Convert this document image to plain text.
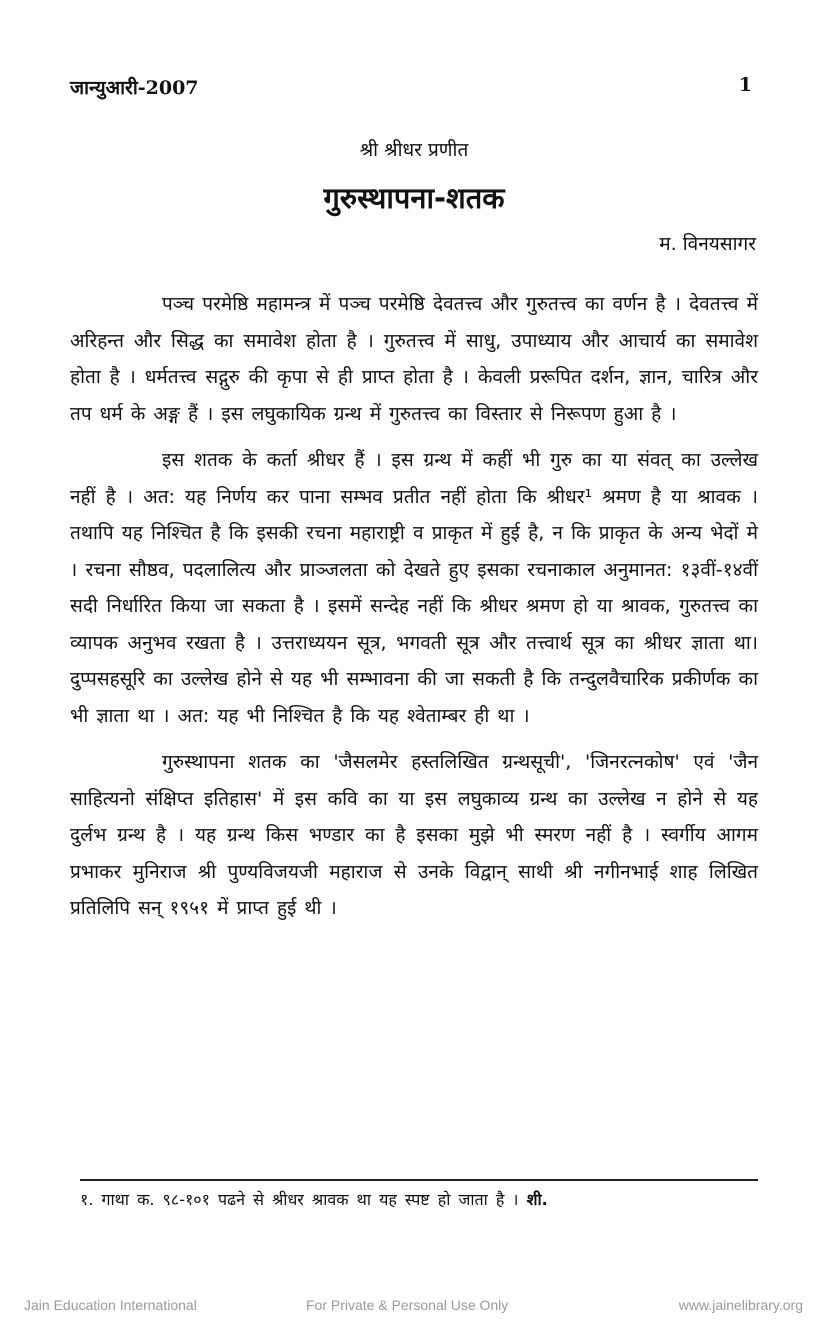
जान्युआरी-2007	1
श्री श्रीधर प्रणीत
गुरुस्थापना-शतक
म. विनयसागर

पञ्च परमेष्ठि महामन्त्र में पञ्च परमेष्ठि देवतत्त्व और गुरुतत्त्व का वर्णन है । देवतत्त्व में अरिहन्त और सिद्ध का समावेश होता है । गुरुतत्त्व में साधु, उपाध्याय और आचार्य का समावेश होता है । धर्मतत्त्व सद्गुरु की कृपा से ही प्राप्त होता है । केवली प्ररूपित दर्शन, ज्ञान, चारित्र और तप धर्म के अङ्ग हैं । इस लघुकायिक ग्रन्थ में गुरुतत्त्व का विस्तार से निरूपण हुआ है ।

इस शतक के कर्ता श्रीधर हैं । इस ग्रन्थ में कहीं भी गुरु का या संवत् का उल्लेख नहीं है । अत: यह निर्णय कर पाना सम्भव प्रतीत नहीं होता कि श्रीधर¹ श्रमण है या श्रावक । तथापि यह निश्चित है कि इसकी रचना महाराष्ट्री व प्राकृत में हुई है, न कि प्राकृत के अन्य भेदों मे । रचना सौष्ठव, पदलालित्य और प्राञ्जलता को देखते हुए इसका रचनाकाल अनुमानत: १३वीं-१४वीं सदी निर्धारित किया जा सकता है । इसमें सन्देह नहीं कि श्रीधर श्रमण हो या श्रावक, गुरुतत्त्व का व्यापक अनुभव रखता है । उत्तराध्ययन सूत्र, भगवती सूत्र और तत्त्वार्थ सूत्र का श्रीधर ज्ञाता था। दुप्पसहसूरि का उल्लेख होने से यह भी सम्भावना की जा सकती है कि तन्दुलवैचारिक प्रकीर्णक का भी ज्ञाता था । अत: यह भी निश्चित है कि यह श्वेताम्बर ही था ।

गुरुस्थापना शतक का 'जैसलमेर हस्तलिखित ग्रन्थसूची', 'जिनरत्नकोष' एवं 'जैन साहित्यनो संक्षिप्त इतिहास' में इस कवि का या इस लघुकाव्य ग्रन्थ का उल्लेख न होने से यह दुर्लभ ग्रन्थ है । यह ग्रन्थ किस भण्डार का है इसका मुझे भी स्मरण नहीं है । स्वर्गीय आगम प्रभाकर मुनिराज श्री पुण्यविजयजी महाराज से उनके विद्वान् साथी श्री नगीनभाई शाह लिखित प्रतिलिपि सन् १९५१ में प्राप्त हुई थी ।

१. गाथा क. ९८-१०१ पढने से श्रीधर श्रावक था यह स्पष्ट हो जाता है । शी.
Jain Education International	For Private & Personal Use Only	www.jainelibrary.org
